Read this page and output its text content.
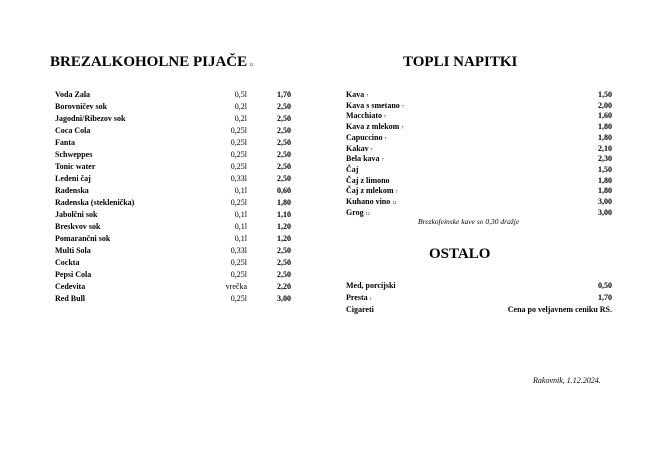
BREZALKOHOLNE PIJAČE 12
Voda Zala	0,5l	1,70
Borovničev sok	0,2l	2,50
Jagodni/Ribezov sok	0,2l	2,50
Coca Cola	0,25l	2,50
Fanta	0,25l	2,50
Schweppes	0,25l	2,50
Tonic water	0,25l	2,50
Ledeni čaj	0,33l	2,50
Radenska	0,1l	0,60
Radenska (steklenička)	0,25l	1,80
Jabolčni sok	0,1l	1,10
Breskvov sok	0,1l	1,20
Pomarančni sok	0,1l	1,20
Multi Sola	0,33l	2,50
Cockta	0,25l	2,50
Pepsi Cola	0,25l	2,50
Cedevita	vrečka	2,20
Red Bull	0,25l	3,00
TOPLI NAPITKI
Kava 7	1,50
Kava s smetano 7	2,00
Macchiato 7	1,60
Kava z mlekom 7	1,80
Capuccino 7	1,80
Kakav 7	2,10
Bela kava 7	2,30
Čaj	1,50
Čaj z limono	1,80
Čaj z mlekom 7	1,80
Kuhano vino 12	3,00
Grog 12	3,00
Brezkofeinske kave so 0,30 dražje
OSTALO
Med, porcijski	0,50
Presta 1	1,70
Cigareti	Cena po veljavnem ceniku RS.
Rakovnik, 1.12.2024.
